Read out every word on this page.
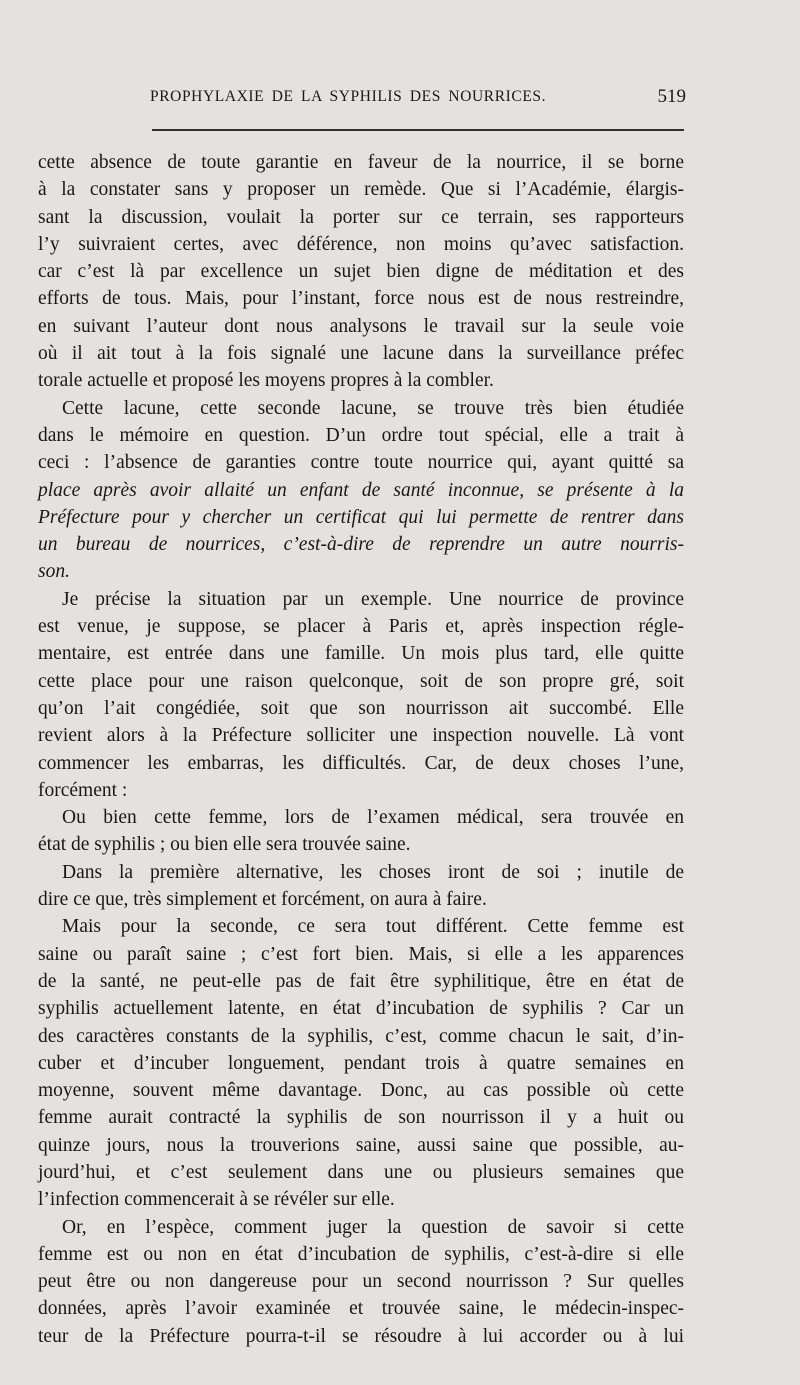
PROPHYLAXIE DE LA SYPHILIS DES NOURRICES.	519
cette absence de toute garantie en faveur de la nourrice, il se borne
à la constater sans y proposer un remède. Que si l’Académie, élargis-
sant la discussion, voulait la porter sur ce terrain, ses rapporteurs
l’y suivraient certes, avec déférence, non moins qu’avec satisfaction.
car c’est là par excellence un sujet bien digne de méditation et des
efforts de tous. Mais, pour l’instant, force nous est de nous restreindre,
en suivant l’auteur dont nous analysons le travail sur la seule voie
où il ait tout à la fois signalé une lacune dans la surveillance préfec
torale actuelle et proposé les moyens propres à la combler.
Cette lacune, cette seconde lacune, se trouve très bien étudiée
dans le mémoire en question. D’un ordre tout spécial, elle a trait à
ceci : l’absence de garanties contre toute nourrice qui, ayant quitté sa
place après avoir allaité un enfant de santé inconnue, se présente à la
Préfecture pour y chercher un certificat qui lui permette de rentrer dans
un bureau de nourrices, c’est-à-dire de reprendre un autre nourris-
son.
Je précise la situation par un exemple. Une nourrice de province
est venue, je suppose, se placer à Paris et, après inspection régle-
mentaire, est entrée dans une famille. Un mois plus tard, elle quitte
cette place pour une raison quelconque, soit de son propre gré, soit
qu’on l’ait congédiée, soit que son nourrisson ait succombé. Elle
revient alors à la Préfecture solliciter une inspection nouvelle. Là vont
commencer les embarras, les difficultés. Car, de deux choses l’une,
forcément :
Ou bien cette femme, lors de l’examen médical, sera trouvée en
état de syphilis ; ou bien elle sera trouvée saine.
Dans la première alternative, les choses iront de soi ; inutile de
dire ce que, très simplement et forcément, on aura à faire.
Mais pour la seconde, ce sera tout différent. Cette femme est
saine ou paraît saine ; c’est fort bien. Mais, si elle a les apparences
de la santé, ne peut-elle pas de fait être syphilitique, être en état de
syphilis actuellement latente, en état d’incubation de syphilis ? Car un
des caractères constants de la syphilis, c’est, comme chacun le sait, d’in-
cuber et d’incuber longuement, pendant trois à quatre semaines en
moyenne, souvent même davantage. Donc, au cas possible où cette
femme aurait contracté la syphilis de son nourrisson il y a huit ou
quinze jours, nous la trouverions saine, aussi saine que possible, au-
jourd’hui, et c’est seulement dans une ou plusieurs semaines que
l’infection commencerait à se révéler sur elle.
Or, en l’espèce, comment juger la question de savoir si cette
femme est ou non en état d’incubation de syphilis, c’est-à-dire si elle
peut être ou non dangereuse pour un second nourrisson ? Sur quelles
données, après l’avoir examinée et trouvée saine, le médecin-inspec-
teur de la Préfecture pourra-t-il se résoudre à lui accorder ou à lui
